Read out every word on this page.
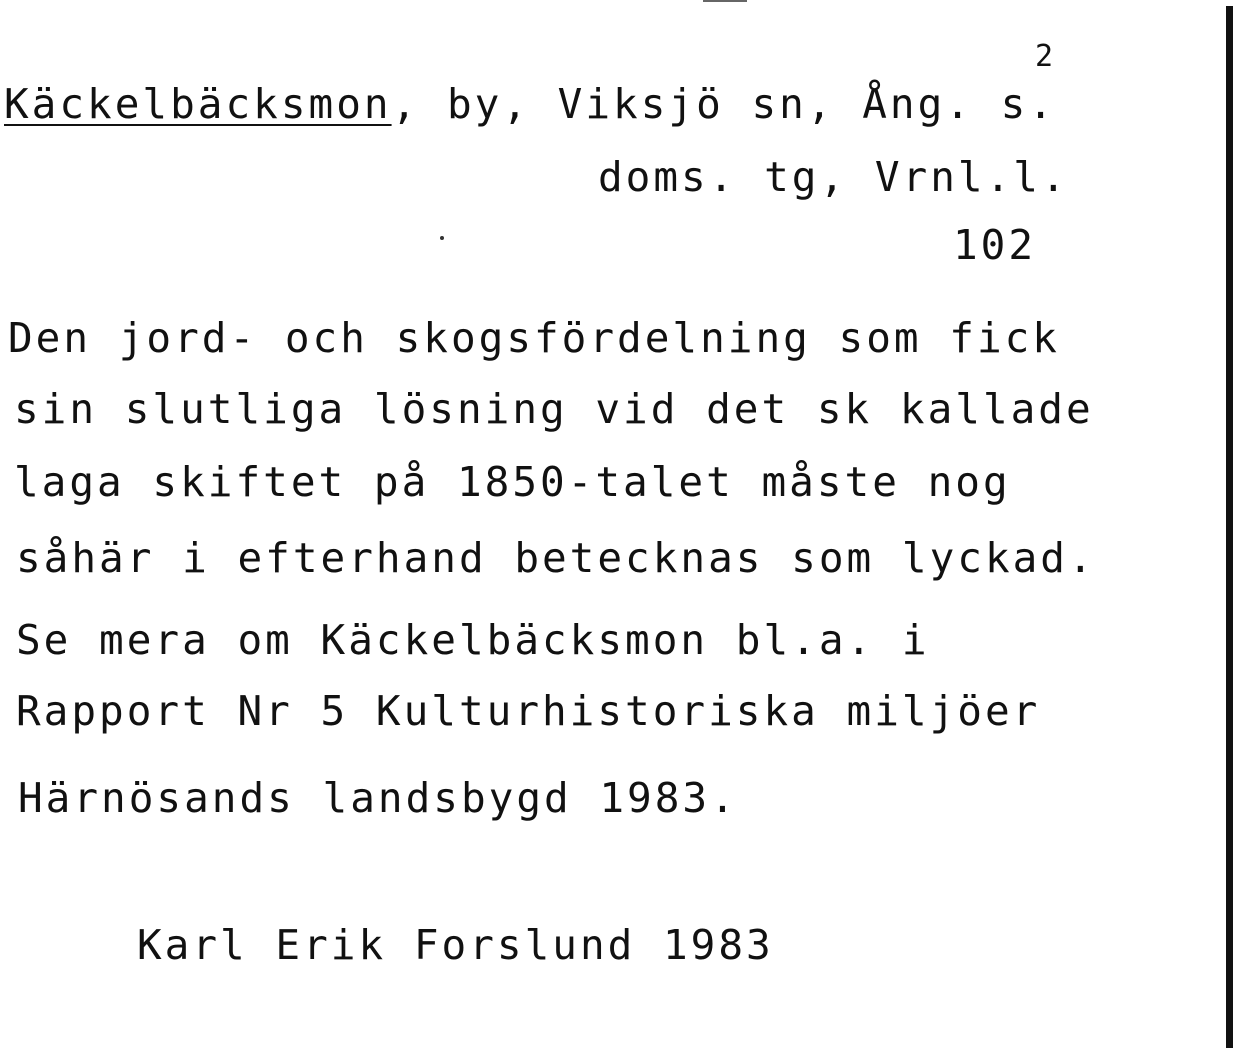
Käckelbäcksmon, by, Viksjö sn, Ång. s.
2
doms. tg, Vrnl.l.
102
Den jord- och skogsfördelning som fick
sin slutliga lösning vid det sk kallade
laga skiftet på 1850-talet måste nog
såhär i efterhand betecknas som lyckad.
Se mera om Käckelbäcksmon bl.a. i
Rapport Nr 5 Kulturhistoriska miljöer
Härnösands landsbygd 1983.
Karl Erik Forslund 1983
